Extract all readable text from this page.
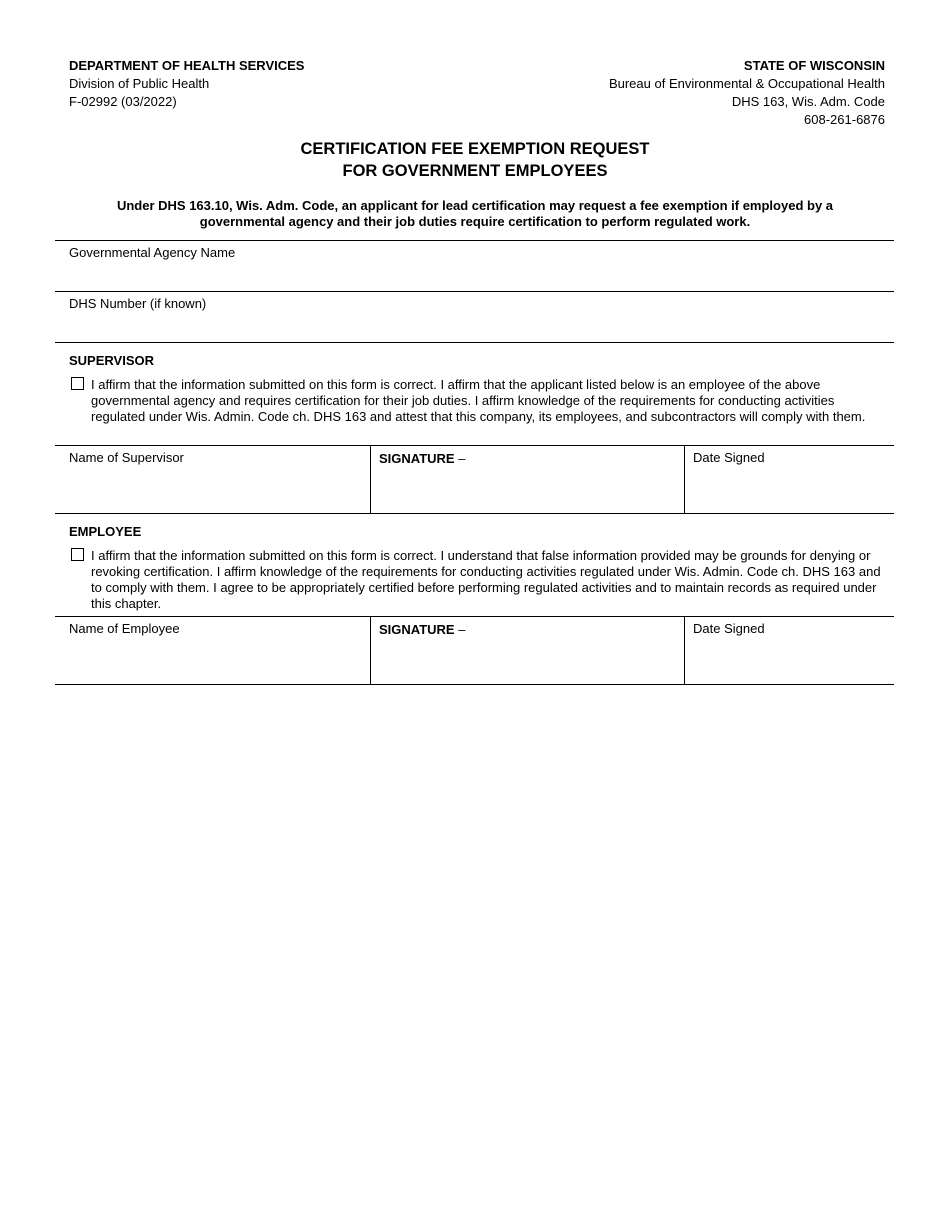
DEPARTMENT OF HEALTH SERVICES
Division of Public Health
F-02992 (03/2022)
STATE OF WISCONSIN
Bureau of Environmental & Occupational Health
DHS 163, Wis. Adm. Code
608-261-6876
CERTIFICATION FEE EXEMPTION REQUEST
FOR GOVERNMENT EMPLOYEES
Under DHS 163.10, Wis. Adm. Code, an applicant for lead certification may request a fee exemption if employed by a governmental agency and their job duties require certification to perform regulated work.
Governmental Agency Name
DHS Number (if known)
SUPERVISOR
I affirm that the information submitted on this form is correct. I affirm that the applicant listed below is an employee of the above governmental agency and requires certification for their job duties. I affirm knowledge of the requirements for conducting activities regulated under Wis. Admin. Code ch. DHS 163 and attest that this company, its employees, and subcontractors will comply with them.
Name of Supervisor	SIGNATURE –	Date Signed
EMPLOYEE
I affirm that the information submitted on this form is correct. I understand that false information provided may be grounds for denying or revoking certification. I affirm knowledge of the requirements for conducting activities regulated under Wis. Admin. Code ch. DHS 163 and to comply with them. I agree to be appropriately certified before performing regulated activities and to maintain records as required under this chapter.
Name of Employee	SIGNATURE –	Date Signed
